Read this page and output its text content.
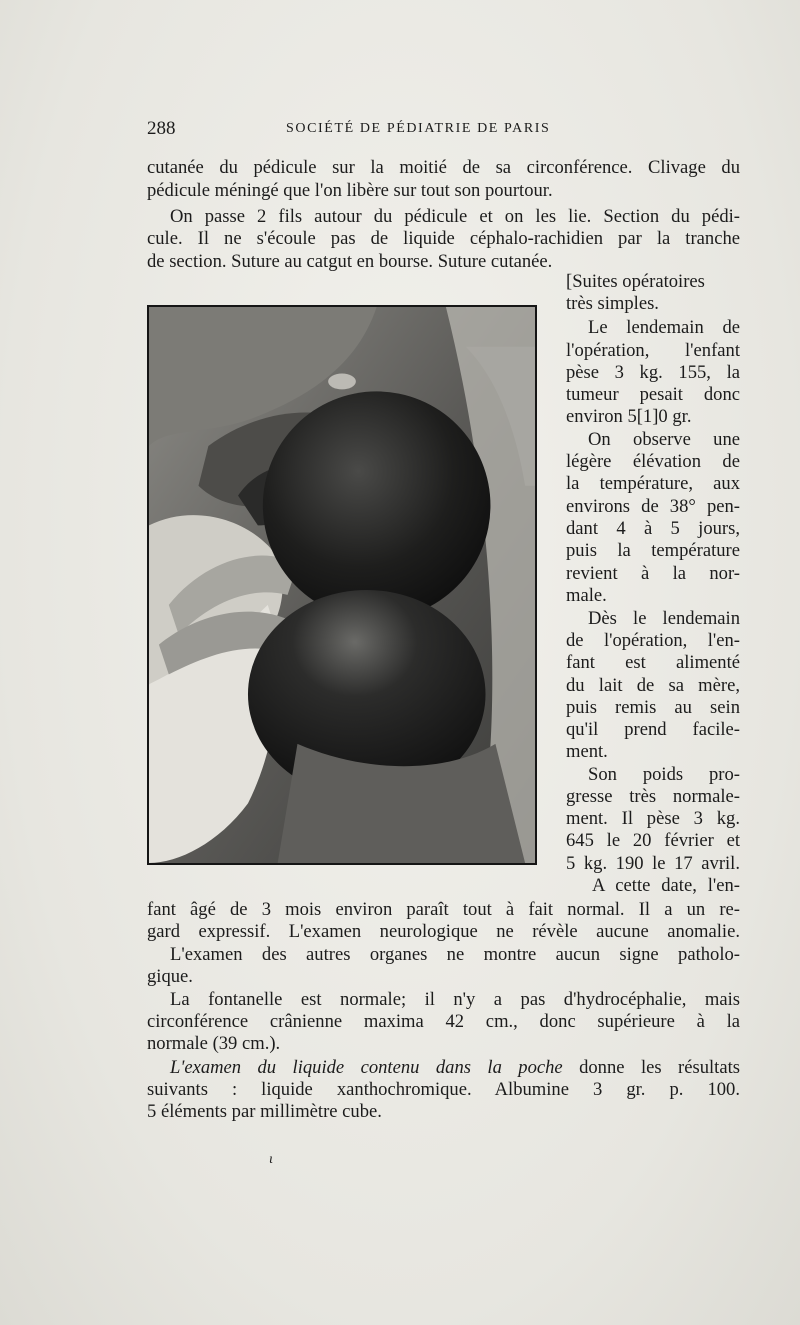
288	SOCIÉTÉ DE PÉDIATRIE DE PARIS
cutanée du pédicule sur la moitié de sa circonférence. Clivage du
pédicule méningé que l'on libère sur tout son pourtour.
On passe 2 fils autour du pédicule et on les lie. Section du pédi-
cule. Il ne s'écoule pas de liquide céphalo-rachidien par la tranche
de section. Suture au catgut en bourse. Suture cutanée.
[Suites opératoires
très simples.
Le lendemain de
l'opération, l'enfant
pèse 3 kg. 155, la
tumeur pesait donc
environ 5[1]0 gr.
On observe une
légère élévation de
la température, aux
environs de 38° pen-
dant 4 à 5 jours,
puis la température
revient à la nor-
male.
Dès le lendemain
de l'opération, l'en-
fant est alimenté
du lait de sa mère,
puis remis au sein
qu'il prend facile-
ment.
Son poids pro-
gresse très normale-
ment. Il pèse 3 kg.
645 le 20 février et
5 kg. 190 le 17 avril.
A cette date, l'en-
fant âgé de 3 mois environ paraît tout à fait normal. Il a un re-
gard expressif. L'examen neurologique ne révèle aucune anomalie.
L'examen des autres organes ne montre aucun signe patholo-
gique.
La fontanelle est normale; il n'y a pas d'hydrocéphalie, mais
circonférence crânienne maxima 42 cm., donc supérieure à la
normale (39 cm.).
L'examen du liquide contenu dans la poche donne les résultats
suivants : liquide xanthochromique. Albumine 3 gr. p. 100.
5 éléments par millimètre cube.
ɩ
